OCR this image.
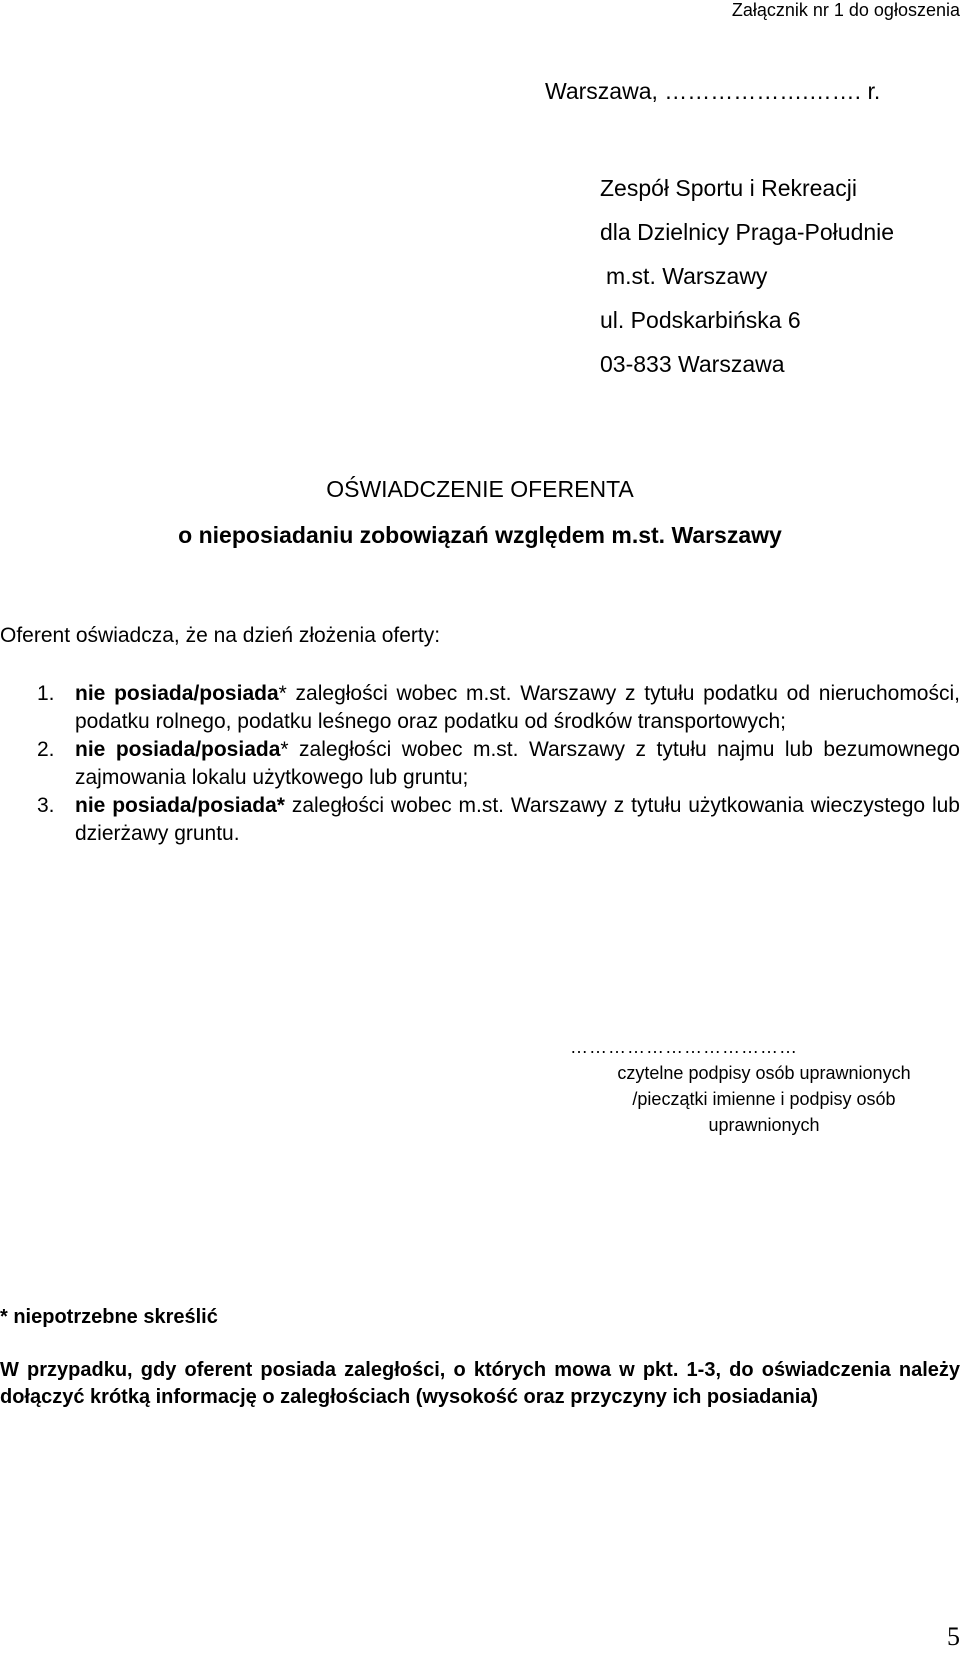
Załącznik nr 1 do ogłoszenia
Warszawa, ……………….……. r.
Zespół Sportu i Rekreacji
dla Dzielnicy Praga-Południe
m.st. Warszawy
ul. Podskarbińska 6
03-833 Warszawa
OŚWIADCZENIE OFERENTA
o nieposiadaniu zobowiązań względem m.st. Warszawy
Oferent oświadcza, że na dzień złożenia oferty:
1. nie posiada/posiada* zaległości wobec m.st. Warszawy z tytułu podatku od nieruchomości, podatku rolnego, podatku leśnego oraz podatku od środków transportowych;
2. nie posiada/posiada* zaległości wobec m.st. Warszawy z tytułu najmu lub bezumownego zajmowania lokalu użytkowego lub gruntu;
3. nie posiada/posiada* zaległości wobec m.st. Warszawy z tytułu użytkowania wieczystego lub dzierżawy gruntu.
………………………………
czytelne podpisy osób uprawnionych
/pieczątki imienne i podpisy osób
uprawnionych
* niepotrzebne skreślić
W przypadku, gdy oferent posiada zaległości, o których mowa w pkt. 1-3, do oświadczenia należy dołączyć krótką informację o zaległościach (wysokość oraz przyczyny ich posiadania)
5
